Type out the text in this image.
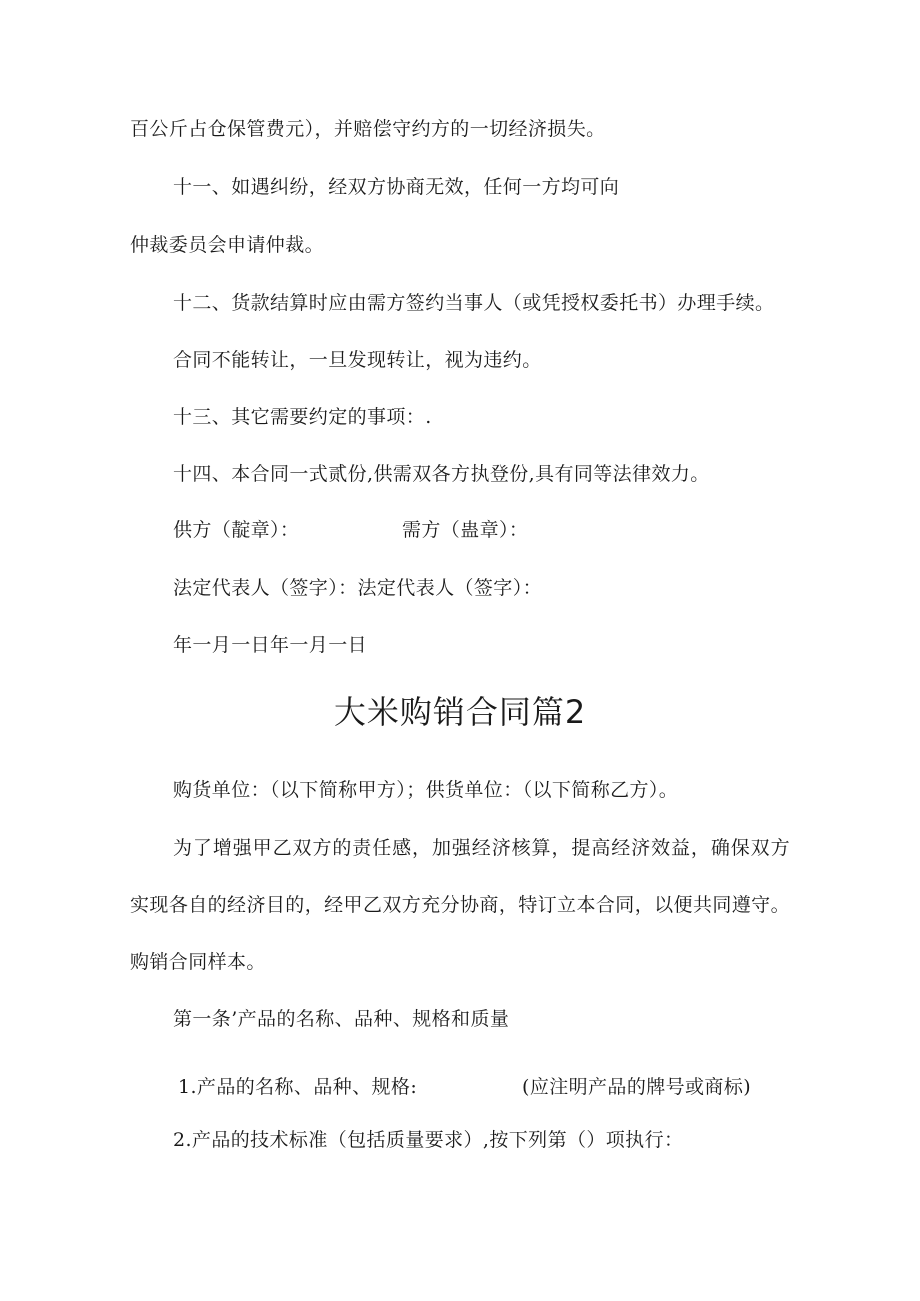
百公斤占仓保管费元），并赔偿守约方的一切经济损失。
十一、如遇纠纷，经双方协商无效，任何一方均可向
仲裁委员会申请仲裁。
十二、货款结算时应由需方签约当事人（或凭授权委托书）办理手续。
合同不能转让，一旦发现转让，视为违约。
十三、其它需要约定的事项：.
十四、本合同一式贰份,供需双各方执登份,具有同等法律效力。
供方（靛章）：	需方（蛊章）：
法定代表人（签字）：法定代表人（签字）：
年一月一日年一月一日
大米购销合同篇2
购货单位：（以下简称甲方）；供货单位：（以下简称乙方）。
为了增强甲乙双方的责任感，加强经济核算，提高经济效益，确保双方
实现各自的经济目的，经甲乙双方充分协商，特订立本合同，以便共同遵守。
购销合同样本。
第一条’产品的名称、品种、规格和质量
1.产品的名称、品种、规格:	(应注明产品的牌号或商标)
2.产品的技术标准（包括质量要求）,按下列第（）项执行：
